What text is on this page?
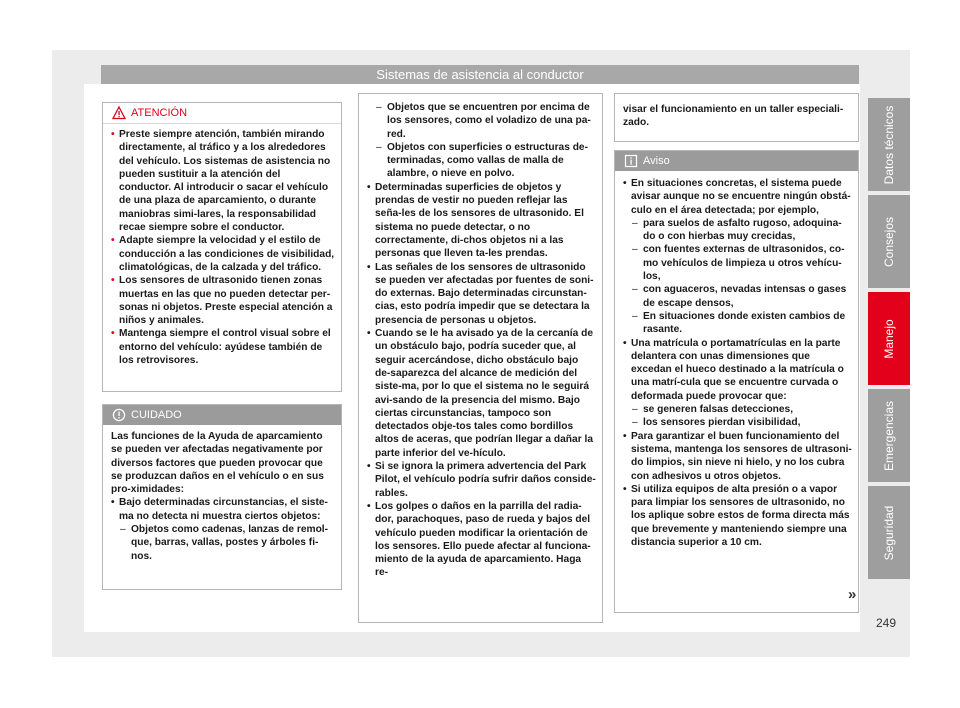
Sistemas de asistencia al conductor
ATENCIÓN

• Preste siempre atención, también mirando directamente, al tráfico y a los alrededores del vehículo. Los sistemas de asistencia no pueden sustituir a la atención del conductor. Al introducir o sacar el vehículo de una plaza de aparcamiento, o durante maniobras simi-lares, la responsabilidad recae siempre sobre el conductor.

• Adapte siempre la velocidad y el estilo de conducción a las condiciones de visibilidad, climatológicas, de la calzada y del tráfico.

• Los sensores de ultrasonido tienen zonas muertas en las que no pueden detectar per-sonas ni objetos. Preste especial atención a niños y animales.

• Mantenga siempre el control visual sobre el entorno del vehículo: ayúdese también de los retrovisores.

CUIDADO

Las funciones de la Ayuda de aparcamiento se pueden ver afectadas negativamente por diversos factores que pueden provocar que se produzcan daños en el vehículo o en sus pro-ximidades:

• Bajo determinadas circunstancias, el siste-ma no detecta ni muestra ciertos objetos:

– Objetos como cadenas, lanzas de remol-que, barras, vallas, postes y árboles fi-nos.

– Objetos que se encuentren por encima de los sensores, como el voladizo de una pa-red.

– Objetos con superficies o estructuras de-terminadas, como vallas de malla de alambre, o nieve en polvo.

• Determinadas superficies de objetos y prendas de vestir no pueden reflejar las seña-les de los sensores de ultrasonido. El sistema no puede detectar, o no correctamente, di-chos objetos ni a las personas que lleven ta-les prendas.

• Las señales de los sensores de ultrasonido se pueden ver afectadas por fuentes de soni-do externas. Bajo determinadas circunstan-cias, esto podría impedir que se detectara la presencia de personas u objetos.

• Cuando se le ha avisado ya de la cercanía de un obstáculo bajo, podría suceder que, al seguir acercándose, dicho obstáculo bajo de-saparezca del alcance de medición del siste-ma, por lo que el sistema no le seguirá avi-sando de la presencia del mismo. Bajo ciertas circunstancias, tampoco son detectados obje-tos tales como bordillos altos de aceras, que podrían llegar a dañar la parte inferior del ve-hículo.

• Si se ignora la primera advertencia del Park Pilot, el vehículo podría sufrir daños conside-rables.

• Los golpes o daños en la parrilla del radia-dor, parachoques, paso de rueda y bajos del vehículo pueden modificar la orientación de los sensores. Ello puede afectar al funciona-miento de la ayuda de aparcamiento. Haga re-

visar el funcionamiento en un taller especiali-zado.

Aviso

• En situaciones concretas, el sistema puede avisar aunque no se encuentre ningún obstá-culo en el área detectada; por ejemplo,

– para suelos de asfalto rugoso, adoquina-do o con hierbas muy crecidas,

– con fuentes externas de ultrasonidos, co-mo vehículos de limpieza u otros vehícu-los,

– con aguaceros, nevadas intensas o gases de escape densos,

– En situaciones donde existen cambios de rasante.

• Una matrícula o portamatrículas en la parte delantera con unas dimensiones que excedan el hueco destinado a la matrícula o una matrí-cula que se encuentre curvada o deformada puede provocar que:

– se generen falsas detecciones,

– los sensores pierdan visibilidad,

• Para garantizar el buen funcionamiento del sistema, mantenga los sensores de ultrasoni-do limpios, sin nieve ni hielo, y no los cubra con adhesivos u otros objetos.

• Si utiliza equipos de alta presión o a vapor para limpiar los sensores de ultrasonido, no los aplique sobre estos de forma directa más que brevemente y manteniendo siempre una distancia superior a 10 cm.

»
Datos técnicos
Consejos
Manejo
Emergencias
Seguridad
249
